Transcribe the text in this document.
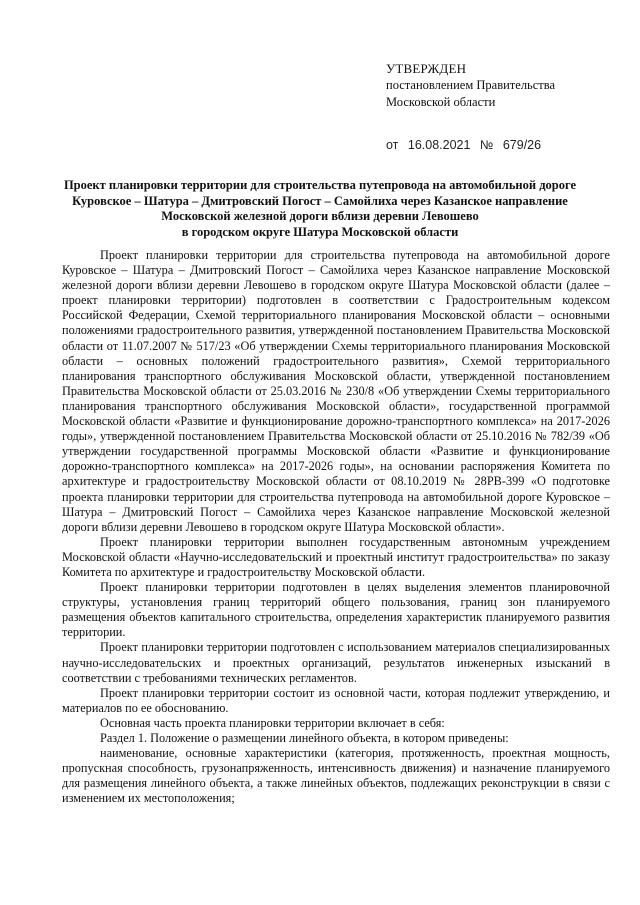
УТВЕРЖДЕН
постановлением Правительства
Московской области
от 16.08.2021 № 679/26
Проект планировки территории для строительства путепровода на автомобильной дороге
Куровское – Шатура – Дмитровский Погост – Самойлиха через Казанское направление
Московской железной дороги вблизи деревни Левошево
в городском округе Шатура Московской области

Проект планировки территории для строительства путепровода на автомобильной дороге Куровское – Шатура – Дмитровский Погост – Самойлиха через Казанское направление Московской железной дороги вблизи деревни Левошево в городском округе Шатура Московской области (далее – проект планировки территории) подготовлен в соответствии с Градостроительным кодексом Российской Федерации, Схемой территориального планирования Московской области – основными положениями градостроительного развития, утвержденной постановлением Правительства Московской области от 11.07.2007 № 517/23 «Об утверждении Схемы территориального планирования Московской области – основных положений градостроительного развития», Схемой территориального планирования транспортного обслуживания Московской области, утвержденной постановлением Правительства Московской области от 25.03.2016 № 230/8 «Об утверждении Схемы территориального планирования транспортного обслуживания Московской области», государственной программой Московской области «Развитие и функционирование дорожно-транспортного комплекса» на 2017-2026 годы», утвержденной постановлением Правительства Московской области от 25.10.2016 № 782/39 «Об утверждении государственной программы Московской области «Развитие и функционирование дорожно-транспортного комплекса» на 2017-2026 годы», на основании распоряжения Комитета по архитектуре и градостроительству Московской области от 08.10.2019 № 28РВ-399 «О подготовке проекта планировки территории для строительства путепровода на автомобильной дороге Куровское – Шатура – Дмитровский Погост – Самойлиха через Казанское направление Московской железной дороги вблизи деревни Левошево в городском округе Шатура Московской области».

Проект планировки территории выполнен государственным автономным учреждением Московской области «Научно-исследовательский и проектный институт градостроительства» по заказу Комитета по архитектуре и градостроительству Московской области.

Проект планировки территории подготовлен в целях выделения элементов планировочной структуры, установления границ территорий общего пользования, границ зон планируемого размещения объектов капитального строительства, определения характеристик планируемого развития территории.

Проект планировки территории подготовлен с использованием материалов специализированных научно-исследовательских и проектных организаций, результатов инженерных изысканий в соответствии с требованиями технических регламентов.

Проект планировки территории состоит из основной части, которая подлежит утверждению, и материалов по ее обоснованию.

Основная часть проекта планировки территории включает в себя:

Раздел 1. Положение о размещении линейного объекта, в котором приведены:

наименование, основные характеристики (категория, протяженность, проектная мощность, пропускная способность, грузонапряженность, интенсивность движения) и назначение планируемого для размещения линейного объекта, а также линейных объектов, подлежащих реконструкции в связи с изменением их местоположения;
